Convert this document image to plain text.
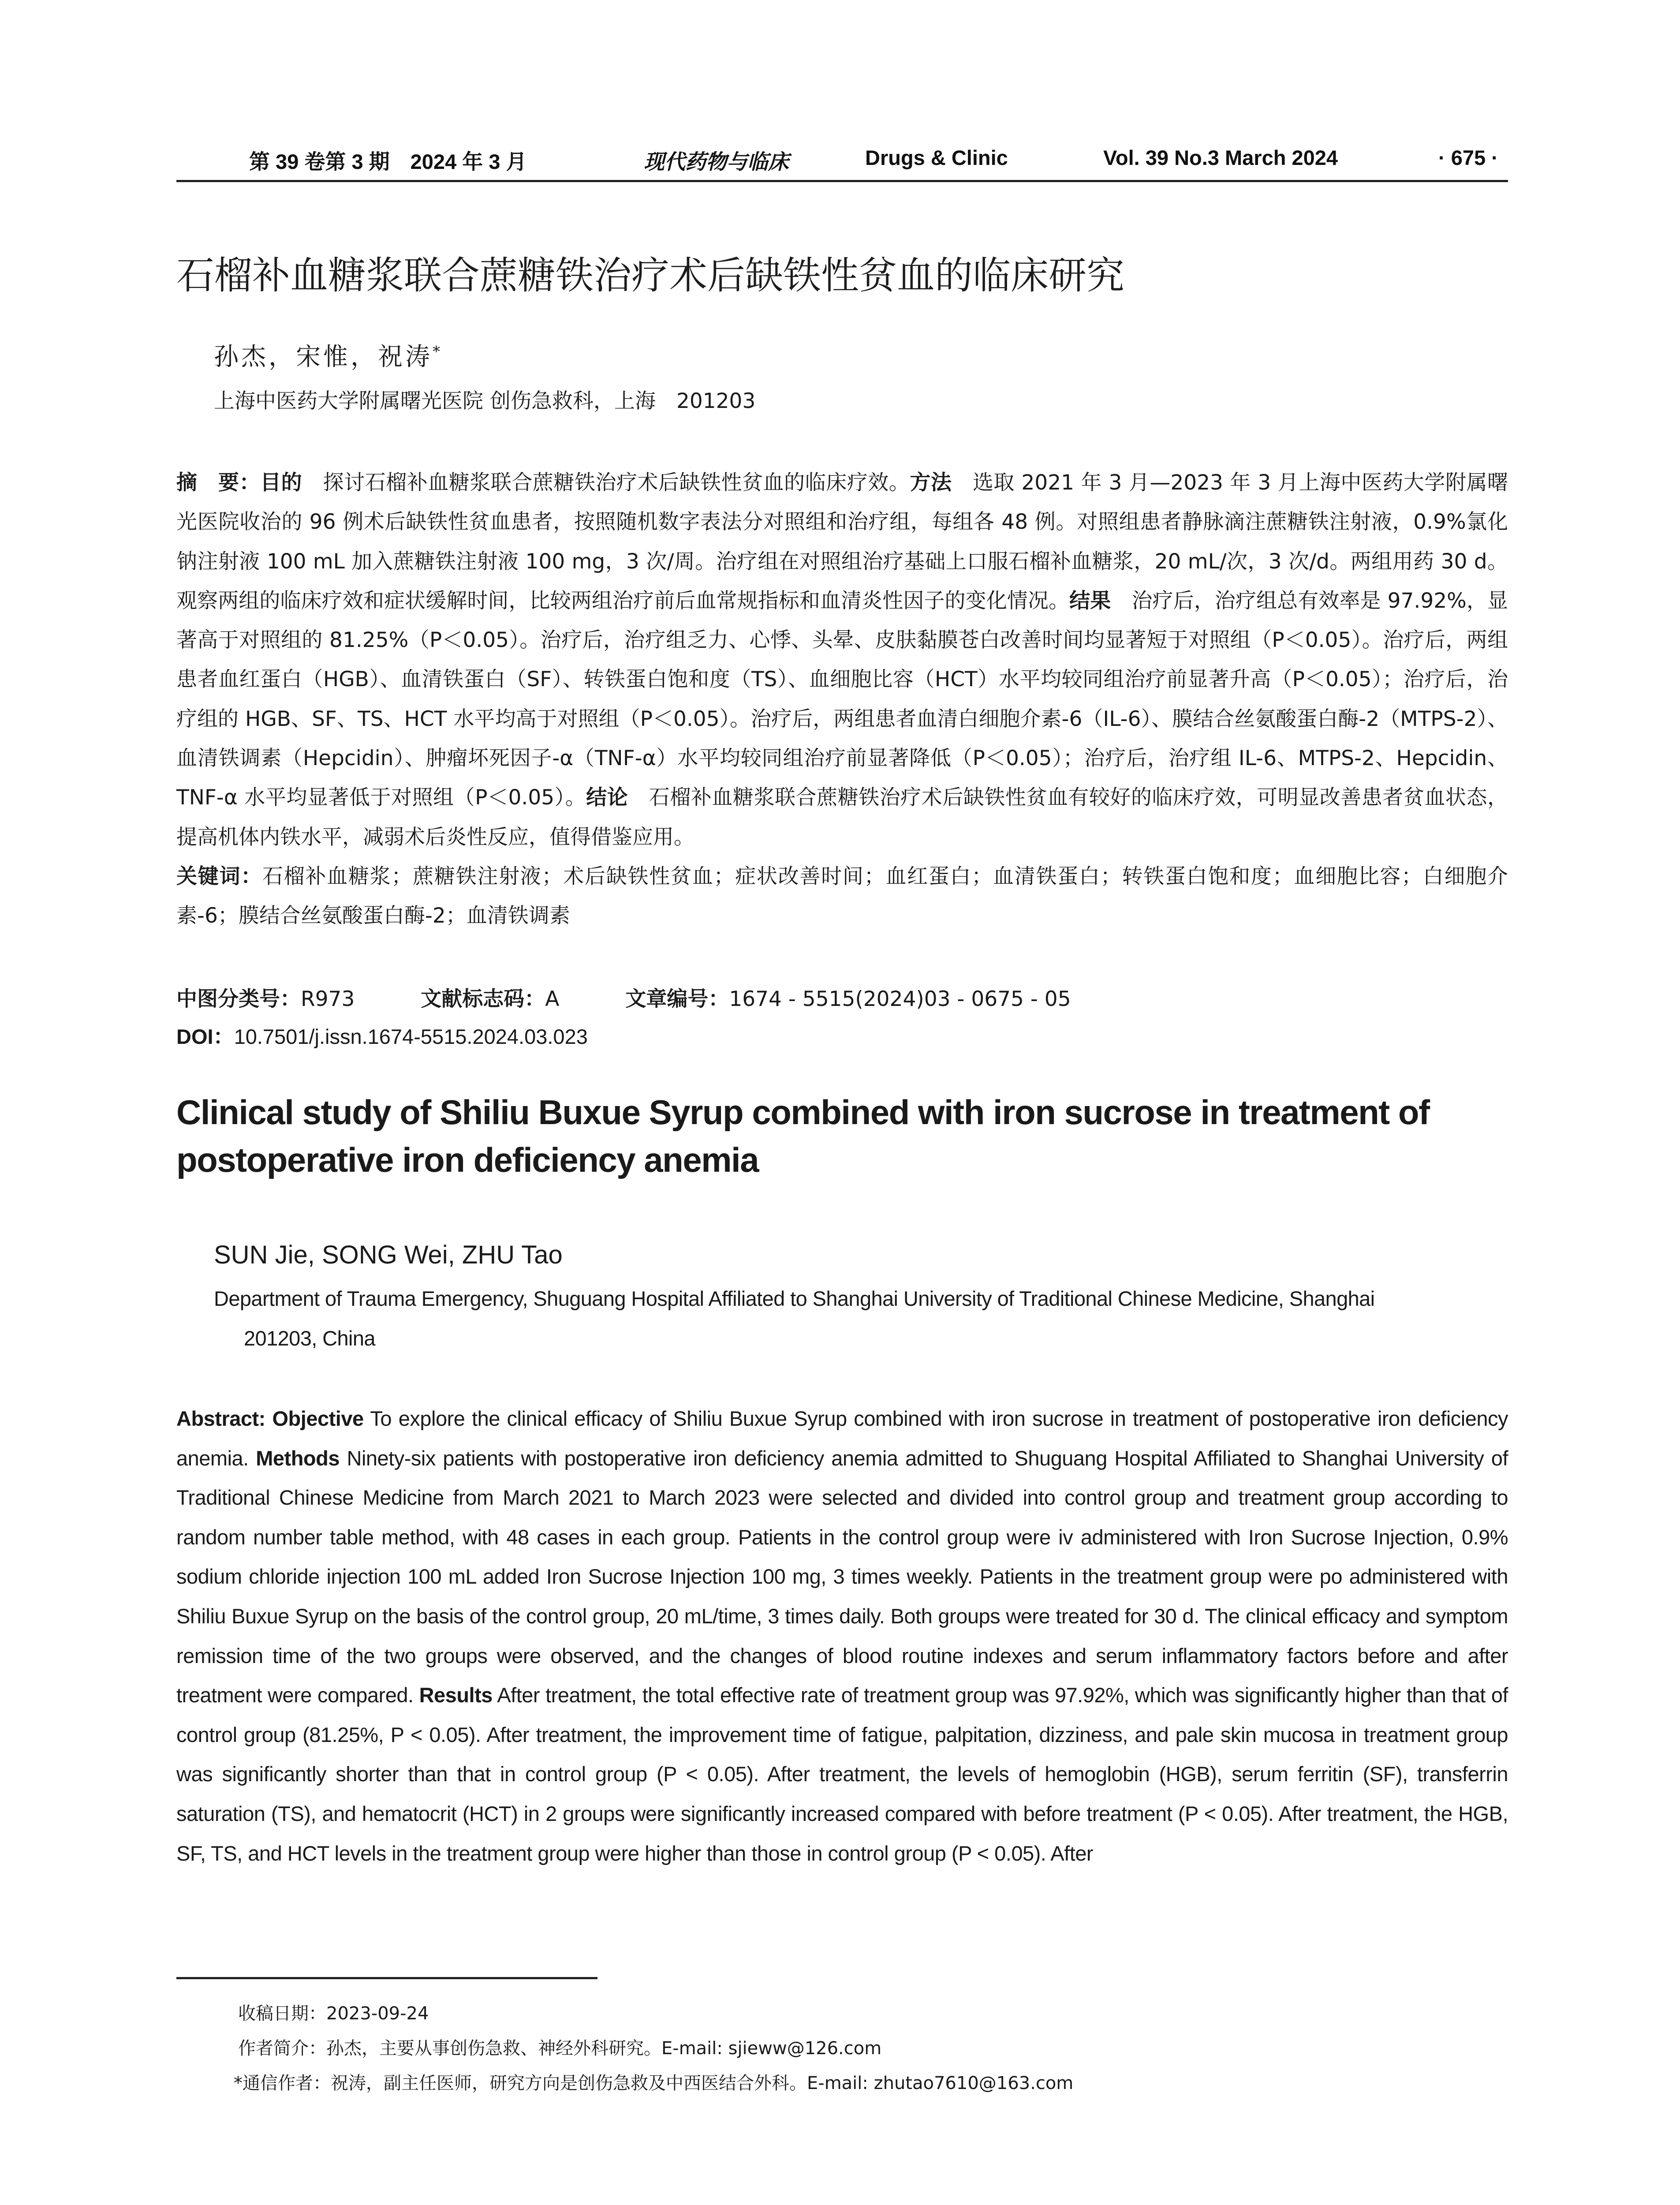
第 39 卷第 3 期　2024 年 3 月	现代药物与临床	Drugs & Clinic	Vol. 39 No.3 March 2024	· 675 ·
石榴补血糖浆联合蔗糖铁治疗术后缺铁性贫血的临床研究
孙杰，宋惟，祝涛*
上海中医药大学附属曙光医院 创伤急救科，上海　201203
摘　要：目的　探讨石榴补血糖浆联合蔗糖铁治疗术后缺铁性贫血的临床疗效。方法　选取 2021 年 3 月—2023 年 3 月上海中医药大学附属曙光医院收治的 96 例术后缺铁性贫血患者，按照随机数字表法分对照组和治疗组，每组各 48 例。对照组患者静脉滴注蔗糖铁注射液，0.9%氯化钠注射液 100 mL 加入蔗糖铁注射液 100 mg，3 次/周。治疗组在对照组治疗基础上口服石榴补血糖浆，20 mL/次，3 次/d。两组用药 30 d。观察两组的临床疗效和症状缓解时间，比较两组治疗前后血常规指标和血清炎性因子的变化情况。结果　治疗后，治疗组总有效率是 97.92%，显著高于对照组的 81.25%（P＜0.05）。治疗后，治疗组乏力、心悸、头晕、皮肤黏膜苍白改善时间均显著短于对照组（P＜0.05）。治疗后，两组患者血红蛋白（HGB）、血清铁蛋白（SF）、转铁蛋白饱和度（TS）、血细胞比容（HCT）水平均较同组治疗前显著升高（P＜0.05）；治疗后，治疗组的 HGB、SF、TS、HCT 水平均高于对照组（P＜0.05）。治疗后，两组患者血清白细胞介素-6（IL-6）、膜结合丝氨酸蛋白酶-2（MTPS-2）、血清铁调素（Hepcidin）、肿瘤坏死因子-α（TNF-α）水平均较同组治疗前显著降低（P＜0.05）；治疗后，治疗组 IL-6、MTPS-2、Hepcidin、TNF-α 水平均显著低于对照组（P＜0.05）。结论　石榴补血糖浆联合蔗糖铁治疗术后缺铁性贫血有较好的临床疗效，可明显改善患者贫血状态，提高机体内铁水平，减弱术后炎性反应，值得借鉴应用。
关键词：石榴补血糖浆；蔗糖铁注射液；术后缺铁性贫血；症状改善时间；血红蛋白；血清铁蛋白；转铁蛋白饱和度；血细胞比容；白细胞介素-6；膜结合丝氨酸蛋白酶-2；血清铁调素
中图分类号：R973	文献标志码：A	文章编号：1674 - 5515(2024)03 - 0675 - 05
DOI：10.7501/j.issn.1674-5515.2024.03.023
Clinical study of Shiliu Buxue Syrup combined with iron sucrose in treatment of postoperative iron deficiency anemia
SUN Jie, SONG Wei, ZHU Tao
Department of Trauma Emergency, Shuguang Hospital Affiliated to Shanghai University of Traditional Chinese Medicine, Shanghai
201203, China
Abstract: Objective To explore the clinical efficacy of Shiliu Buxue Syrup combined with iron sucrose in treatment of postoperative iron deficiency anemia. Methods Ninety-six patients with postoperative iron deficiency anemia admitted to Shuguang Hospital Affiliated to Shanghai University of Traditional Chinese Medicine from March 2021 to March 2023 were selected and divided into control group and treatment group according to random number table method, with 48 cases in each group. Patients in the control group were iv administered with Iron Sucrose Injection, 0.9% sodium chloride injection 100 mL added Iron Sucrose Injection 100 mg, 3 times weekly. Patients in the treatment group were po administered with Shiliu Buxue Syrup on the basis of the control group, 20 mL/time, 3 times daily. Both groups were treated for 30 d. The clinical efficacy and symptom remission time of the two groups were observed, and the changes of blood routine indexes and serum inflammatory factors before and after treatment were compared. Results After treatment, the total effective rate of treatment group was 97.92%, which was significantly higher than that of control group (81.25%, P < 0.05). After treatment, the improvement time of fatigue, palpitation, dizziness, and pale skin mucosa in treatment group was significantly shorter than that in control group (P < 0.05). After treatment, the levels of hemoglobin (HGB), serum ferritin (SF), transferrin saturation (TS), and hematocrit (HCT) in 2 groups were significantly increased compared with before treatment (P < 0.05). After treatment, the HGB, SF, TS, and HCT levels in the treatment group were higher than those in control group (P < 0.05). After
收稿日期：2023-09-24
作者简介：孙杰，主要从事创伤急救、神经外科研究。E-mail: sjieww@126.com
*通信作者：祝涛，副主任医师，研究方向是创伤急救及中西医结合外科。E-mail: zhutao7610@163.com
